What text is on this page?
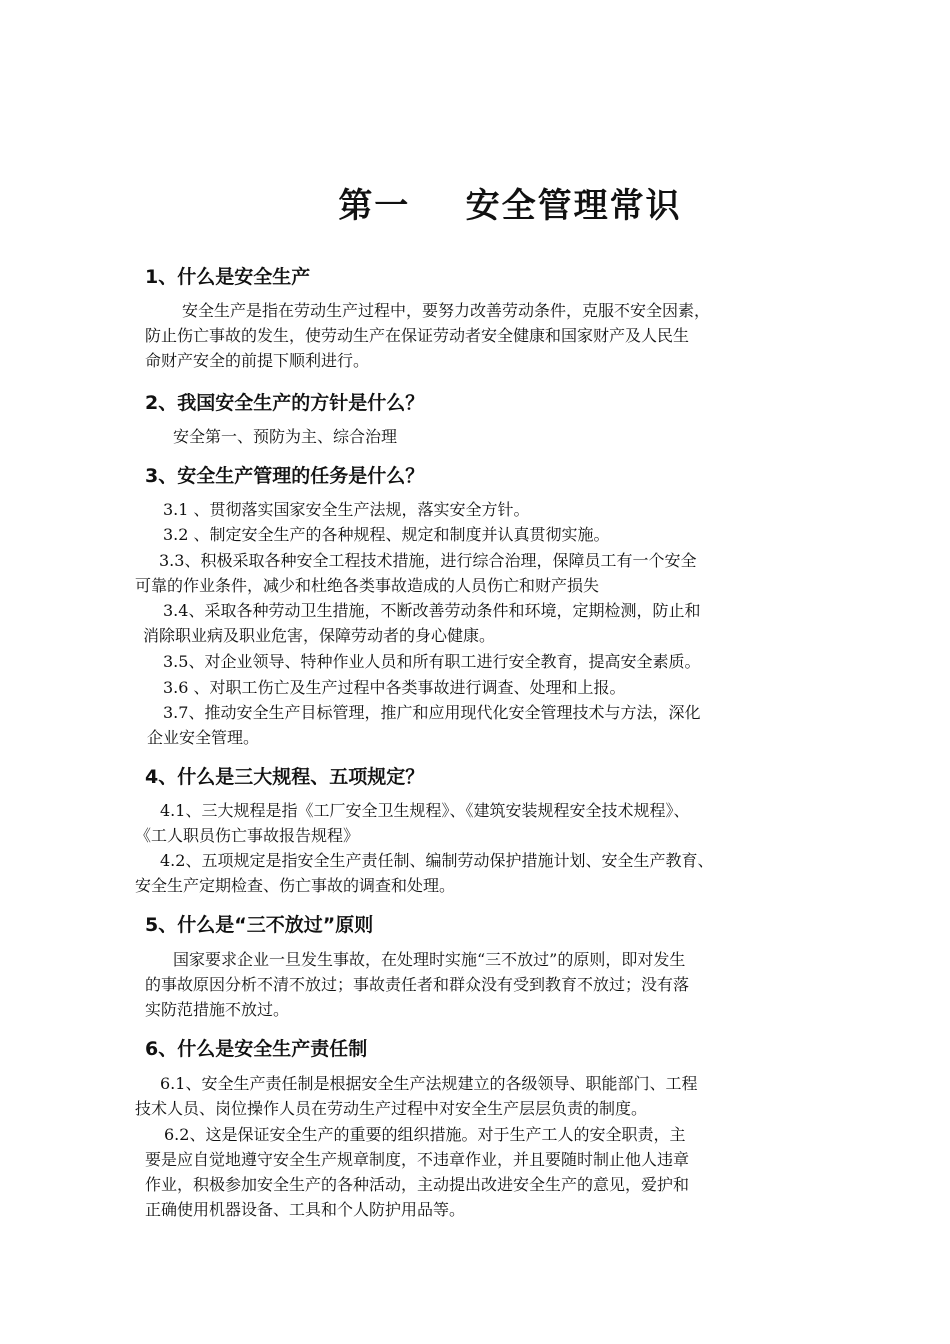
第一    安全管理常识
1、什么是安全生产
安全生产是指在劳动生产过程中，要努力改善劳动条件，克服不安全因素，
防止伤亡事故的发生，使劳动生产在保证劳动者安全健康和国家财产及人民生
命财产安全的前提下顺利进行。
2、我国安全生产的方针是什么？
安全第一、预防为主、综合治理
3、安全生产管理的任务是什么？
3.1 、贯彻落实国家安全生产法规，落实安全方针。
3.2 、制定安全生产的各种规程、规定和制度并认真贯彻实施。
3.3、积极采取各种安全工程技术措施，进行综合治理，保障员工有一个安全
可靠的作业条件，减少和杜绝各类事故造成的人员伤亡和财产损失
3.4、采取各种劳动卫生措施，不断改善劳动条件和环境，定期检测，防止和
消除职业病及职业危害，保障劳动者的身心健康。
3.5、对企业领导、特种作业人员和所有职工进行安全教育，提高安全素质。
3.6 、对职工伤亡及生产过程中各类事故进行调查、处理和上报。
3.7、推动安全生产目标管理，推广和应用现代化安全管理技术与方法，深化
企业安全管理。
4、什么是三大规程、五项规定？
4.1、三大规程是指《工厂安全卫生规程》、《建筑安装规程安全技术规程》、
《工人职员伤亡事故报告规程》
4.2、五项规定是指安全生产责任制、编制劳动保护措施计划、安全生产教育、
安全生产定期检查、伤亡事故的调查和处理。
5、什么是“三不放过”原则
国家要求企业一旦发生事故，在处理时实施“三不放过”的原则，即对发生
的事故原因分析不清不放过；事故责任者和群众没有受到教育不放过；没有落
实防范措施不放过。
6、什么是安全生产责任制
6.1、安全生产责任制是根据安全生产法规建立的各级领导、职能部门、工程
技术人员、岗位操作人员在劳动生产过程中对安全生产层层负责的制度。
6.2、这是保证安全生产的重要的组织措施。对于生产工人的安全职责，主
要是应自觉地遵守安全生产规章制度，不违章作业，并且要随时制止他人违章
作业，积极参加安全生产的各种活动，主动提出改进安全生产的意见，爱护和
正确使用机器设备、工具和个人防护用品等。
